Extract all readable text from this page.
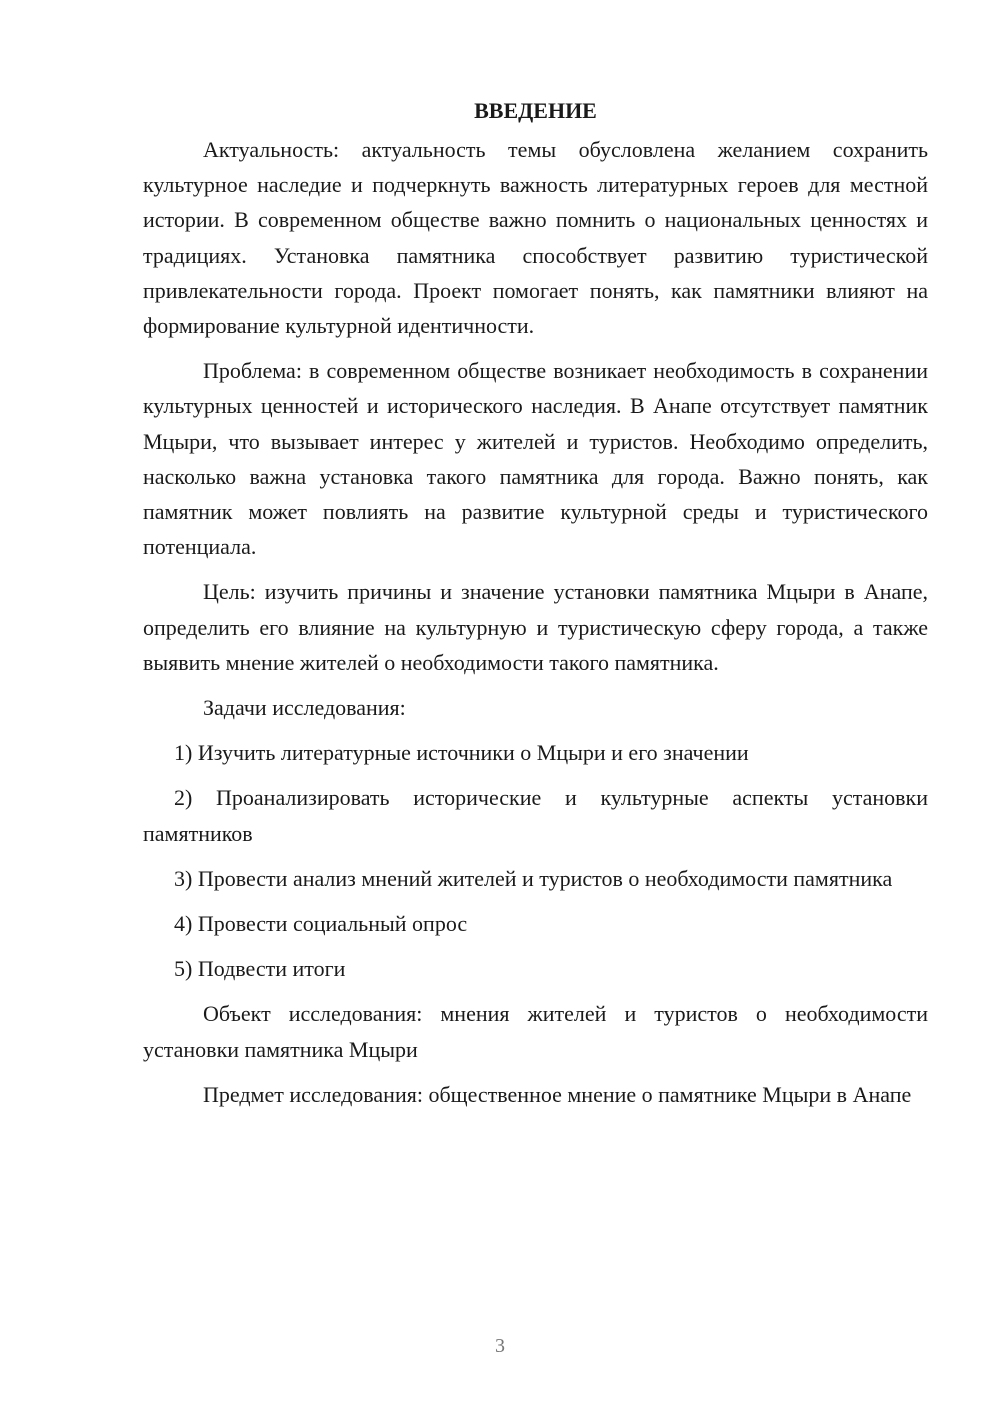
ВВЕДЕНИЕ

Актуальность: актуальность темы обусловлена желанием сохранить культурное наследие и подчеркнуть важность литературных героев для местной истории. В современном обществе важно помнить о национальных ценностях и традициях. Установка памятника способствует развитию туристической привлекательности города. Проект помогает понять, как памятники влияют на формирование культурной идентичности.

Проблема: в современном обществе возникает необходимость в сохранении культурных ценностей и исторического наследия. В Анапе отсутствует памятник Мцыри, что вызывает интерес у жителей и туристов. Необходимо определить, насколько важна установка такого памятника для города. Важно понять, как памятник может повлиять на развитие культурной среды и туристического потенциала.

Цель: изучить причины и значение установки памятника Мцыри в Анапе, определить его влияние на культурную и туристическую сферу города, а также выявить мнение жителей о необходимости такого памятника.

Задачи исследования:

1) Изучить литературные источники о Мцыри и его значении

2) Проанализировать исторические и культурные аспекты установки памятников

3) Провести анализ мнений жителей и туристов о необходимости памятника

4) Провести социальный опрос

5) Подвести итоги

Объект исследования: мнения жителей и туристов о необходимости установки памятника Мцыри

Предмет исследования: общественное мнение о памятнике Мцыри в Анапе

3
